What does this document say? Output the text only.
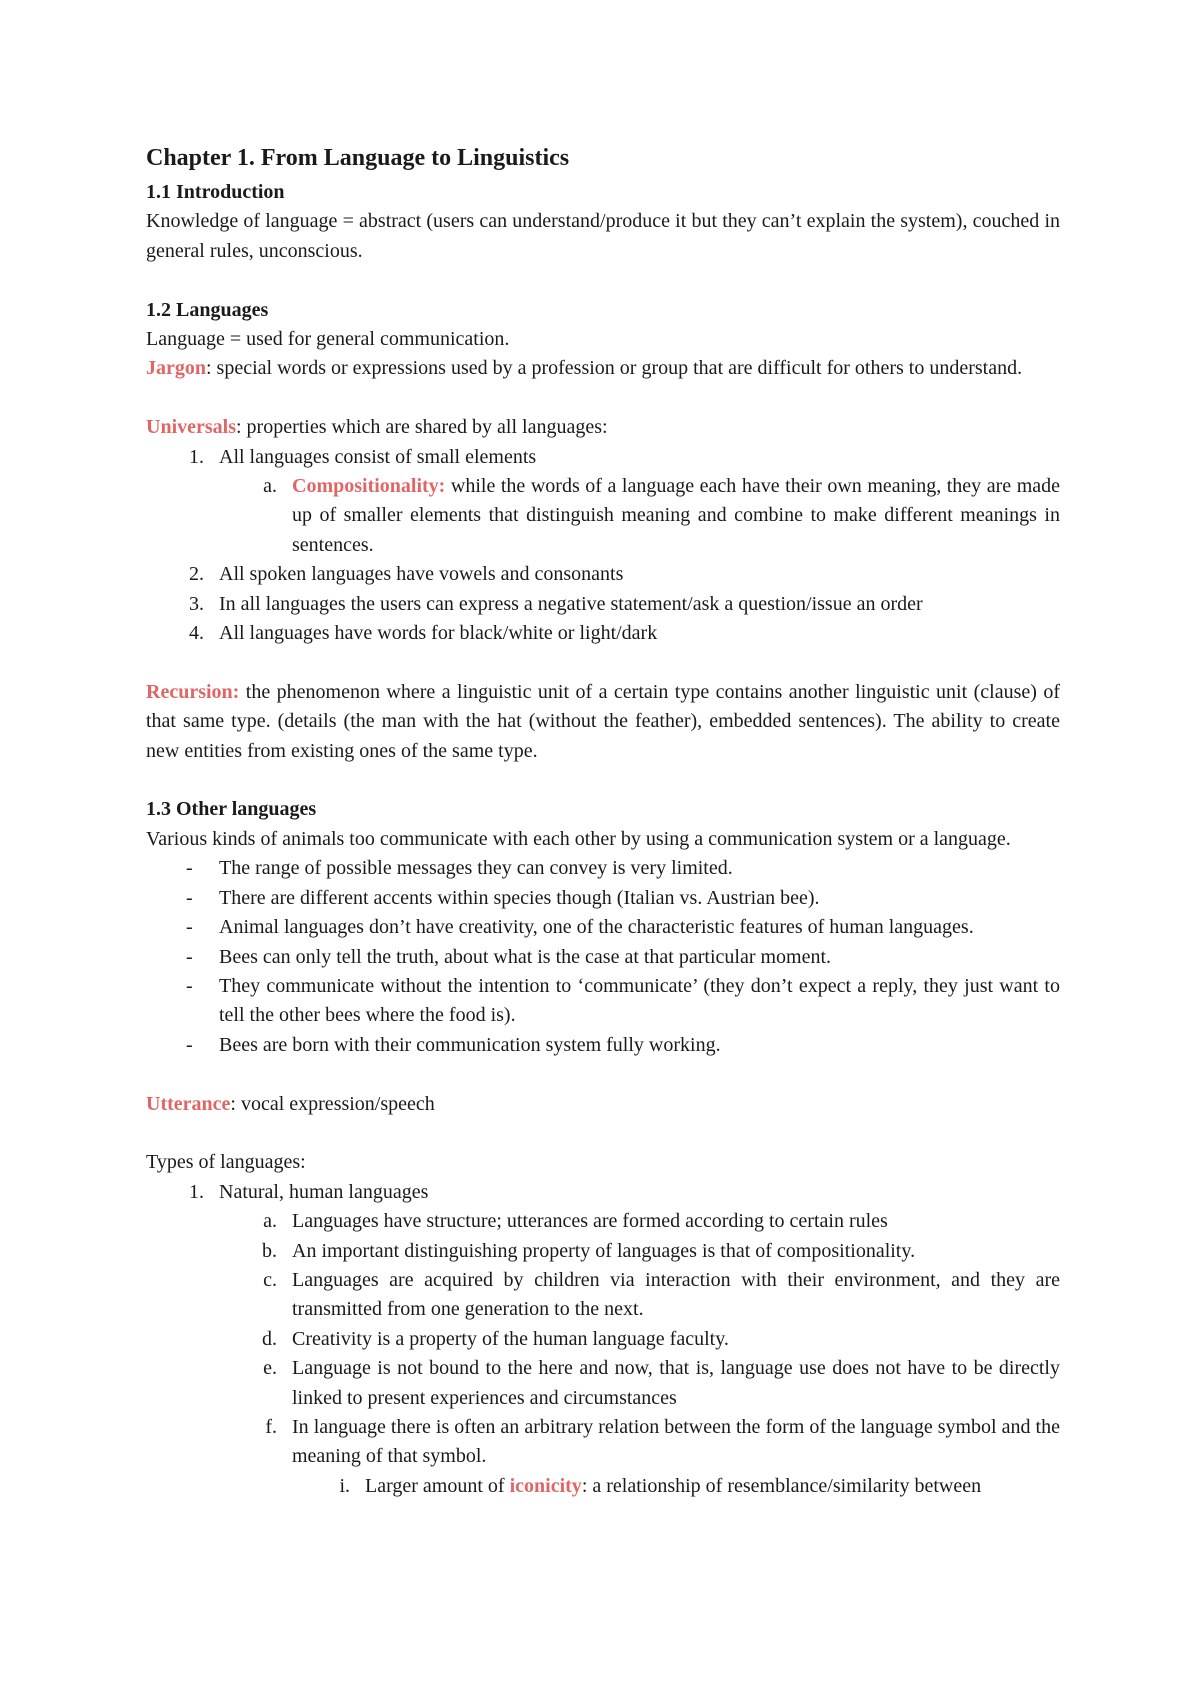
Chapter 1. From Language to Linguistics
1.1 Introduction

Knowledge of language = abstract (users can understand/produce it but they can’t explain the system), couched in general rules, unconscious.

1.2 Languages

Language = used for general communication.

Jargon: special words or expressions used by a profession or group that are difficult for others to understand.

Universals: properties which are shared by all languages:

1. All languages consist of small elements
a. Compositionality: while the words of a language each have their own meaning, they are made up of smaller elements that distinguish meaning and combine to make different meanings in sentences.
2. All spoken languages have vowels and consonants
3. In all languages the users can express a negative statement/ask a question/issue an order
4. All languages have words for black/white or light/dark

Recursion: the phenomenon where a linguistic unit of a certain type contains another linguistic unit (clause) of that same type. (details (the man with the hat (without the feather), embedded sentences). The ability to create new entities from existing ones of the same type.

1.3 Other languages

Various kinds of animals too communicate with each other by using a communication system or a language.

-	The range of possible messages they can convey is very limited.
-	There are different accents within species though (Italian vs. Austrian bee).
-	Animal languages don’t have creativity, one of the characteristic features of human languages.
-	Bees can only tell the truth, about what is the case at that particular moment.
-	They communicate without the intention to ‘communicate’ (they don’t expect a reply, they just want to tell the other bees where the food is).
-	Bees are born with their communication system fully working.

Utterance: vocal expression/speech

Types of languages:

1. Natural, human languages
a. Languages have structure; utterances are formed according to certain rules
b. An important distinguishing property of languages is that of compositionality.
c. Languages are acquired by children via interaction with their environment, and they are transmitted from one generation to the next.
d. Creativity is a property of the human language faculty.
e. Language is not bound to the here and now, that is, language use does not have to be directly linked to present experiences and circumstances
f. In language there is often an arbitrary relation between the form of the language symbol and the meaning of that symbol.
i. Larger amount of iconicity: a relationship of resemblance/similarity between
